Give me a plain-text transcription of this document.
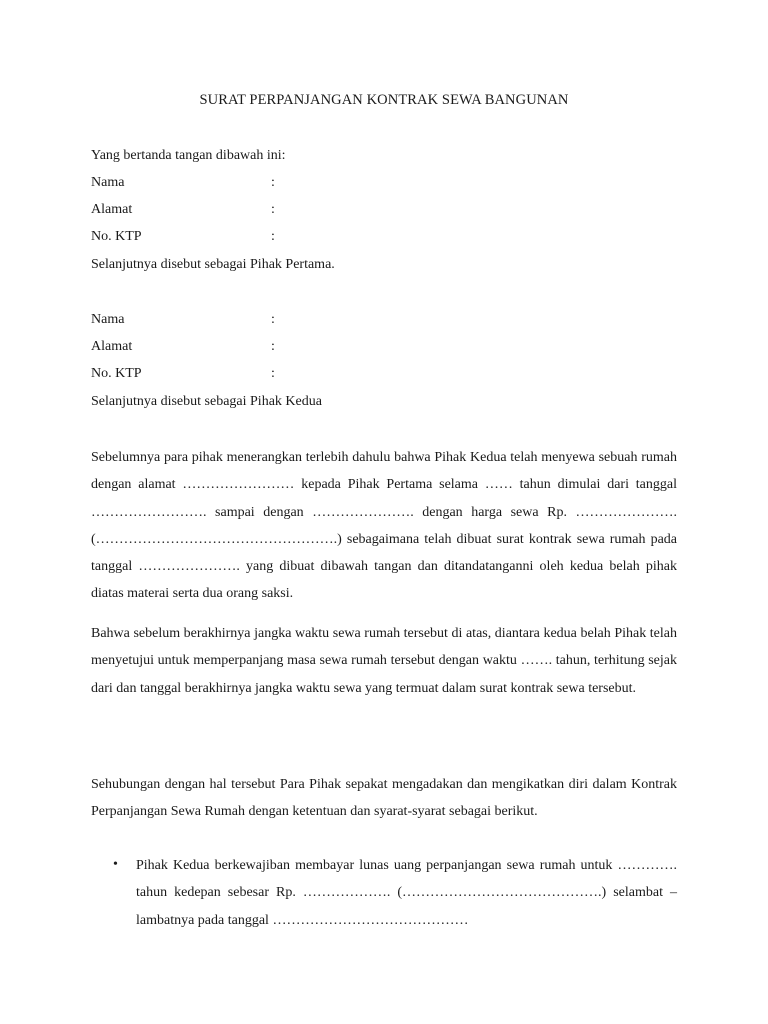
SURAT PERPANJANGAN KONTRAK SEWA BANGUNAN
Yang bertanda tangan dibawah ini:
Nama	:
Alamat	:
No. KTP	:
Selanjutnya disebut sebagai Pihak Pertama.
Nama	:
Alamat	:
No. KTP	:
Selanjutnya disebut sebagai Pihak Kedua

Sebelumnya para pihak menerangkan terlebih dahulu bahwa Pihak Kedua telah menyewa sebuah rumah dengan alamat …………………… kepada Pihak Pertama selama …… tahun dimulai dari tanggal ……………………. sampai dengan …………………. dengan harga sewa Rp. …………………. (…………………………………………….) sebagaimana telah dibuat surat kontrak sewa rumah pada tanggal …………………. yang dibuat dibawah tangan dan ditandatanganni oleh kedua belah pihak diatas materai serta dua orang saksi.

Bahwa sebelum berakhirnya jangka waktu sewa rumah tersebut di atas, diantara kedua belah Pihak telah menyetujui untuk memperpanjang masa sewa rumah tersebut dengan waktu ……. tahun, terhitung sejak dari dan tanggal berakhirnya jangka waktu sewa yang termuat dalam surat kontrak sewa tersebut.

Sehubungan dengan hal tersebut Para Pihak sepakat mengadakan dan mengikatkan diri dalam Kontrak Perpanjangan Sewa Rumah dengan ketentuan dan syarat-syarat sebagai berikut.

• Pihak Kedua berkewajiban membayar lunas uang perpanjangan sewa rumah untuk …………. tahun kedepan sebesar Rp. ………………. (…………………………………….) selambat – lambatnya pada tanggal ……………………………………
